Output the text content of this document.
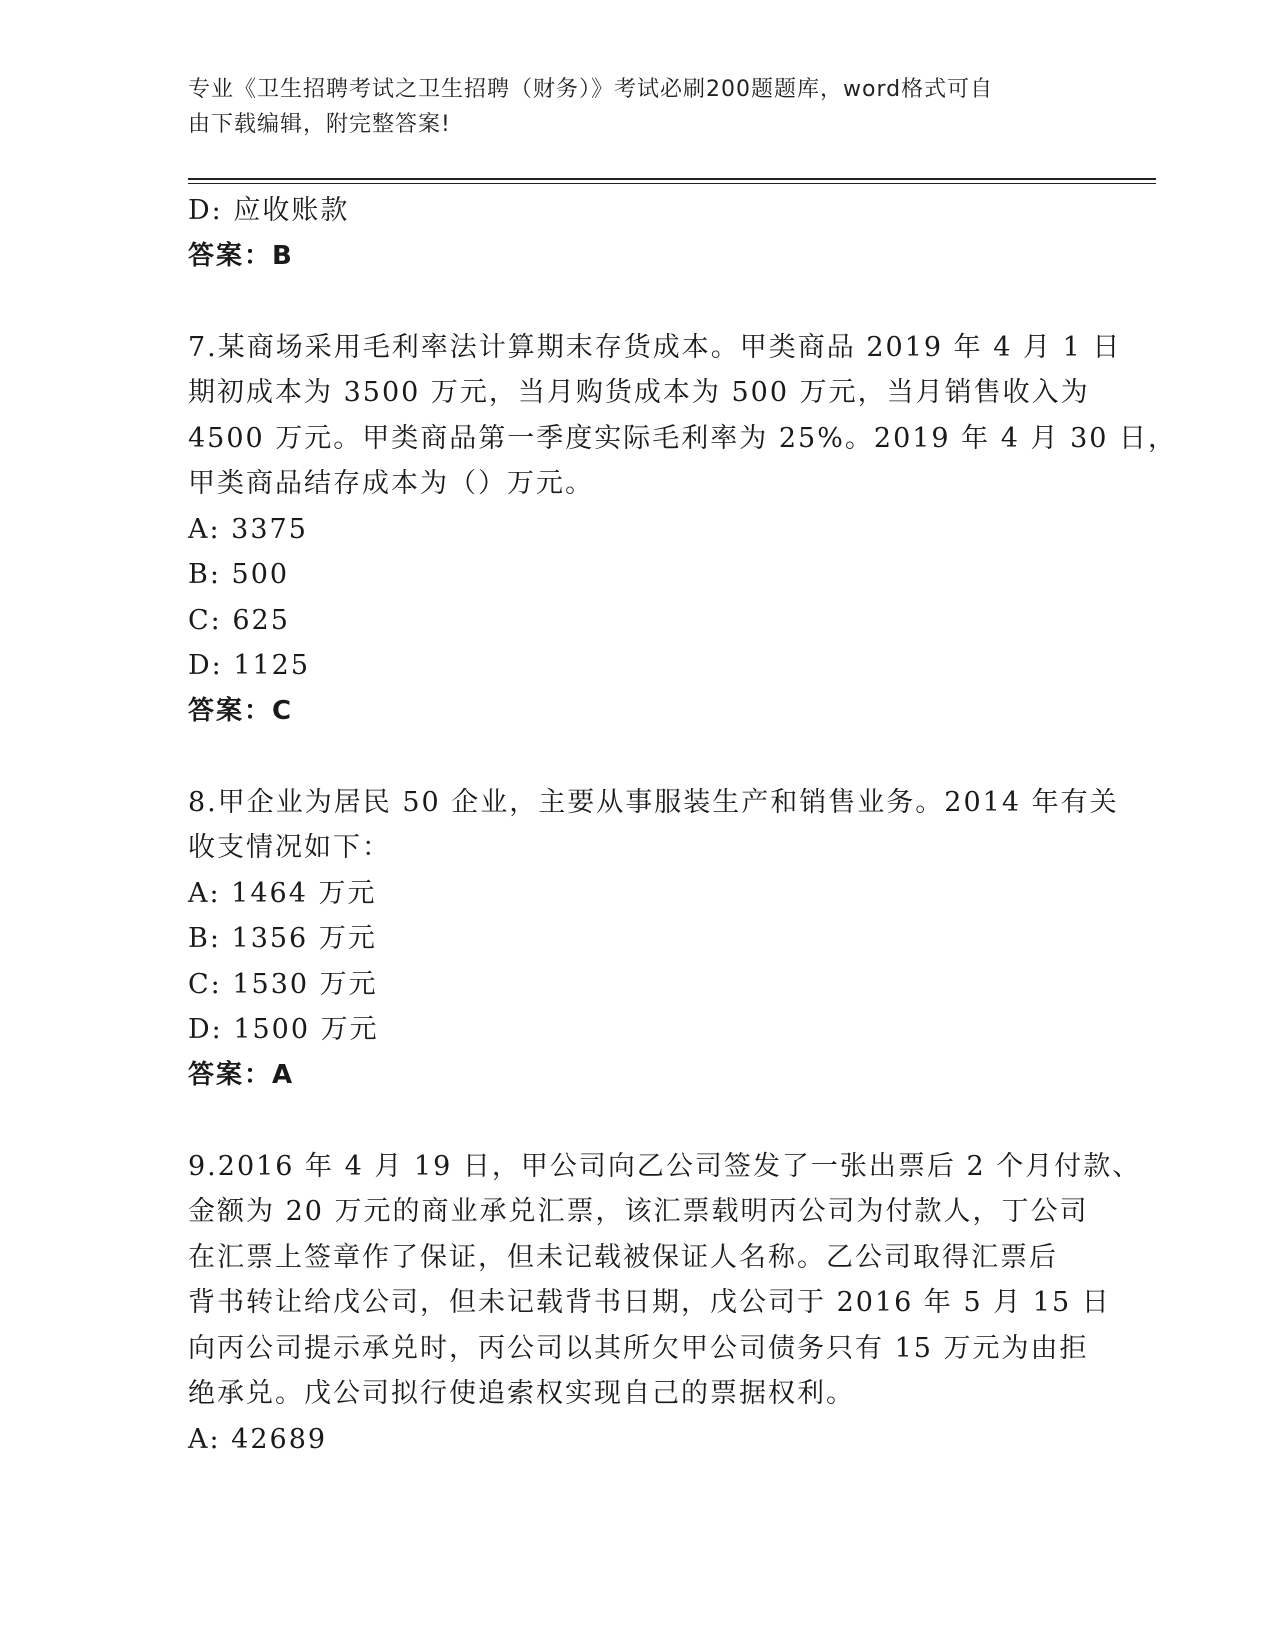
专业《卫生招聘考试之卫生招聘（财务）》考试必刷200题题库，word格式可自
由下载编辑，附完整答案!
D: 应收账款
答案：B
7.某商场采用毛利率法计算期末存货成本。甲类商品 2019 年 4 月 1 日
期初成本为 3500 万元，当月购货成本为 500 万元，当月销售收入为
4500 万元。甲类商品第一季度实际毛利率为 25%。2019 年 4 月 30 日，
甲类商品结存成本为（）万元。
A: 3375
B: 500
C: 625
D: 1125
答案：C
8.甲企业为居民 50 企业，主要从事服装生产和销售业务。2014 年有关
收支情况如下：
A: 1464 万元
B: 1356 万元
C: 1530 万元
D: 1500 万元
答案：A
9.2016 年 4 月 19 日，甲公司向乙公司签发了一张出票后 2 个月付款、
金额为 20 万元的商业承兑汇票，该汇票载明丙公司为付款人，丁公司
在汇票上签章作了保证，但未记载被保证人名称。乙公司取得汇票后
背书转让给戊公司，但未记载背书日期，戊公司于 2016 年 5 月 15 日
向丙公司提示承兑时，丙公司以其所欠甲公司债务只有 15 万元为由拒
绝承兑。戊公司拟行使追索权实现自己的票据权利。
A: 42689
